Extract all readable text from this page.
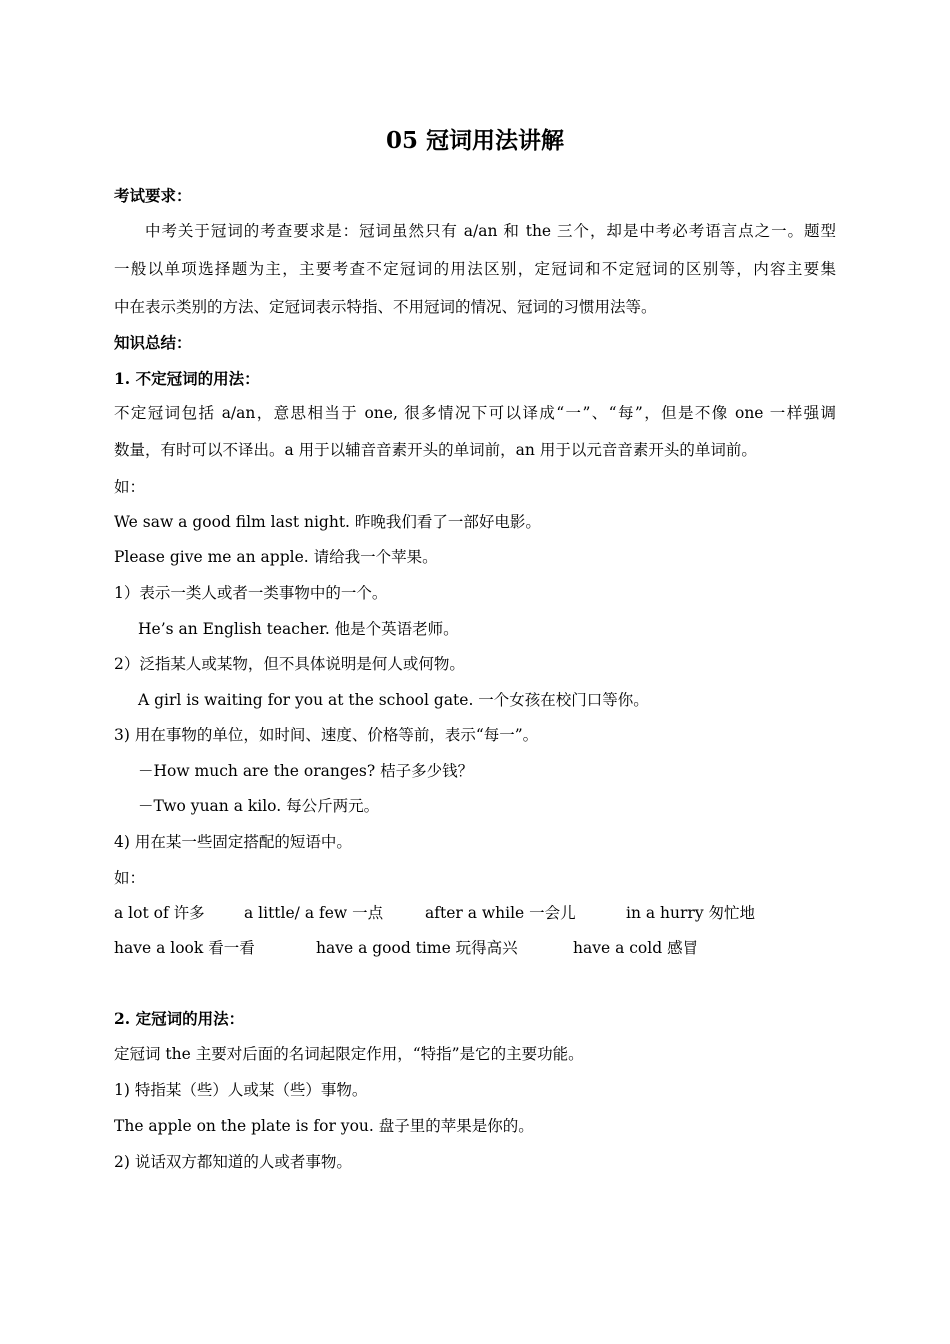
05 冠词用法讲解
考试要求：
中考关于冠词的考查要求是：冠词虽然只有 a/an 和 the 三个，却是中考必考语言点之一。题型
一般以单项选择题为主，主要考查不定冠词的用法区别，定冠词和不定冠词的区别等，内容主要集
中在表示类别的方法、定冠词表示特指、不用冠词的情况、冠词的习惯用法等。
知识总结：
1. 不定冠词的用法：
不定冠词包括 a/an，意思相当于 one, 很多情况下可以译成“一”、“每”，但是不像 one 一样强调
数量，有时可以不译出。a 用于以辅音音素开头的单词前，an 用于以元音音素开头的单词前。
如：
We saw a good film last night. 昨晚我们看了一部好电影。
Please give me an apple. 请给我一个苹果。
1）表示一类人或者一类事物中的一个。
He’s an English teacher. 他是个英语老师。
2）泛指某人或某物，但不具体说明是何人或何物。
A girl is waiting for you at the school gate. 一个女孩在校门口等你。
3) 用在事物的单位，如时间、速度、价格等前，表示“每一”。
－How much are the oranges? 桔子多少钱？
－Two yuan a kilo. 每公斤两元。
4) 用在某一些固定搭配的短语中。
如：
a lot of 许多	a little/ a few 一点	after a while 一会儿	in a hurry 匆忙地
have a look 看一看	have a good time 玩得高兴	have a cold 感冒
2. 定冠词的用法：
定冠词 the 主要对后面的名词起限定作用，“特指”是它的主要功能。
1) 特指某（些）人或某（些）事物。
The apple on the plate is for you. 盘子里的苹果是你的。
2) 说话双方都知道的人或者事物。
